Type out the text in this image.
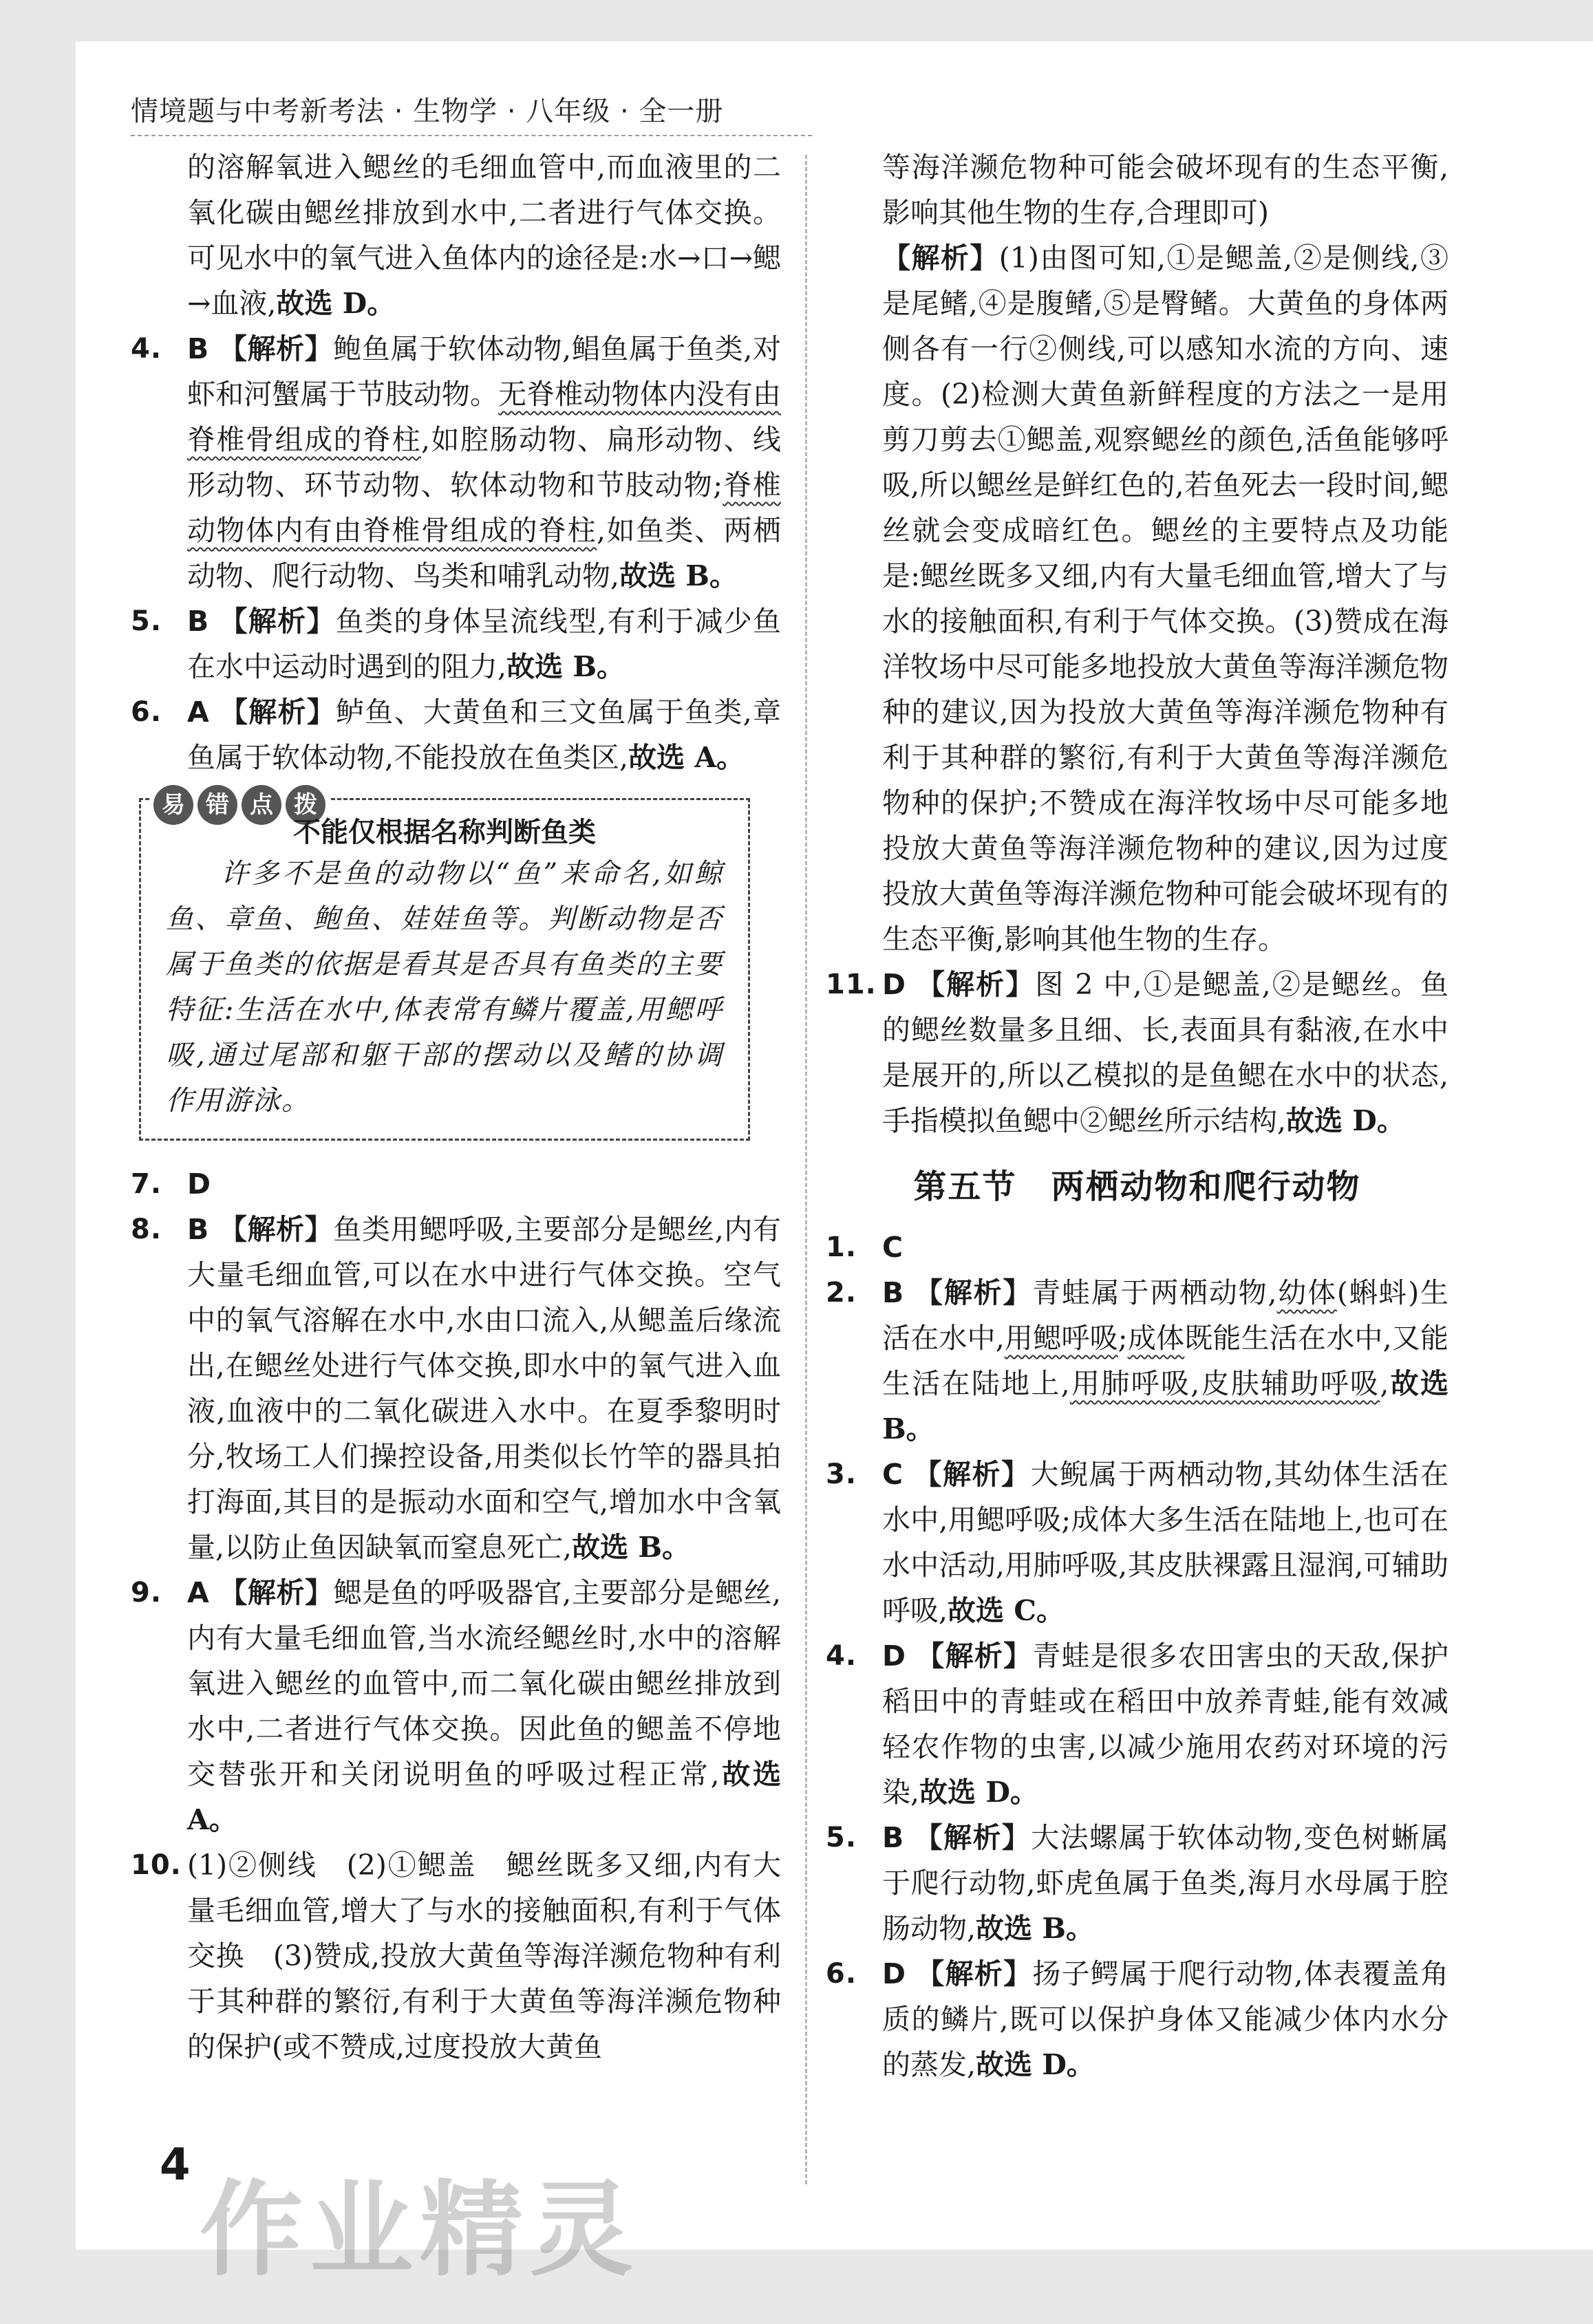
情境题与中考新考法 · 生物学 · 八年级 · 全一册

的溶解氧进入鳃丝的毛细血管中,而血液里的二氧化碳由鳃丝排放到水中,二者进行气体交换。可见水中的氧气进入鱼体内的途径是:水→口→鳃→血液,故选 D。

4. B 【解析】鲍鱼属于软体动物,鲳鱼属于鱼类,对虾和河蟹属于节肢动物。无脊椎动物体内没有由脊椎骨组成的脊柱,如腔肠动物、扁形动物、线形动物、环节动物、软体动物和节肢动物;脊椎动物体内有由脊椎骨组成的脊柱,如鱼类、两栖动物、爬行动物、鸟类和哺乳动物,故选 B。
5. B 【解析】鱼类的身体呈流线型,有利于减少鱼在水中运动时遇到的阻力,故选 B。
6. A 【解析】鲈鱼、大黄鱼和三文鱼属于鱼类,章鱼属于软体动物,不能投放在鱼类区,故选 A。
易 错 点 拨
不能仅根据名称判断鱼类

许多不是鱼的动物以“鱼”来命名,如鲸鱼、章鱼、鲍鱼、娃娃鱼等。判断动物是否属于鱼类的依据是看其是否具有鱼类的主要特征:生活在水中,体表常有鳞片覆盖,用鳃呼吸,通过尾部和躯干部的摆动以及鳍的协调作用游泳。

7. D
8. B 【解析】鱼类用鳃呼吸,主要部分是鳃丝,内有大量毛细血管,可以在水中进行气体交换。空气中的氧气溶解在水中,水由口流入,从鳃盖后缘流出,在鳃丝处进行气体交换,即水中的氧气进入血液,血液中的二氧化碳进入水中。在夏季黎明时分,牧场工人们操控设备,用类似长竹竿的器具拍打海面,其目的是振动水面和空气,增加水中含氧量,以防止鱼因缺氧而窒息死亡,故选 B。
9. A 【解析】鳃是鱼的呼吸器官,主要部分是鳃丝,内有大量毛细血管,当水流经鳃丝时,水中的溶解氧进入鳃丝的血管中,而二氧化碳由鳃丝排放到水中,二者进行气体交换。因此鱼的鳃盖不停地交替张开和关闭说明鱼的呼吸过程正常,故选 A。
10. (1)②侧线　(2)①鳃盖　鳃丝既多又细,内有大量毛细血管,增大了与水的接触面积,有利于气体交换　(3)赞成,投放大黄鱼等海洋濒危物种有利于其种群的繁衍,有利于大黄鱼等海洋濒危物种的保护(或不赞成,过度投放大黄鱼

等海洋濒危物种可能会破坏现有的生态平衡,影响其他生物的生存,合理即可)

【解析】(1)由图可知,①是鳃盖,②是侧线,③是尾鳍,④是腹鳍,⑤是臀鳍。大黄鱼的身体两侧各有一行②侧线,可以感知水流的方向、速度。(2)检测大黄鱼新鲜程度的方法之一是用剪刀剪去①鳃盖,观察鳃丝的颜色,活鱼能够呼吸,所以鳃丝是鲜红色的,若鱼死去一段时间,鳃丝就会变成暗红色。鳃丝的主要特点及功能是:鳃丝既多又细,内有大量毛细血管,增大了与水的接触面积,有利于气体交换。(3)赞成在海洋牧场中尽可能多地投放大黄鱼等海洋濒危物种的建议,因为投放大黄鱼等海洋濒危物种有利于其种群的繁衍,有利于大黄鱼等海洋濒危物种的保护;不赞成在海洋牧场中尽可能多地投放大黄鱼等海洋濒危物种的建议,因为过度投放大黄鱼等海洋濒危物种可能会破坏现有的生态平衡,影响其他生物的生存。

11. D 【解析】图 2 中,①是鳃盖,②是鳃丝。鱼的鳃丝数量多且细、长,表面具有黏液,在水中是展开的,所以乙模拟的是鱼鳃在水中的状态,手指模拟鱼鳃中②鳃丝所示结构,故选 D。
第五节　两栖动物和爬行动物
1. C
2. B 【解析】青蛙属于两栖动物,幼体(蝌蚪)生活在水中,用鳃呼吸;成体既能生活在水中,又能生活在陆地上,用肺呼吸,皮肤辅助呼吸,故选 B。
3. C 【解析】大鲵属于两栖动物,其幼体生活在水中,用鳃呼吸;成体大多生活在陆地上,也可在水中活动,用肺呼吸,其皮肤裸露且湿润,可辅助呼吸,故选 C。
4. D 【解析】青蛙是很多农田害虫的天敌,保护稻田中的青蛙或在稻田中放养青蛙,能有效减轻农作物的虫害,以减少施用农药对环境的污染,故选 D。
5. B 【解析】大法螺属于软体动物,变色树蜥属于爬行动物,虾虎鱼属于鱼类,海月水母属于腔肠动物,故选 B。
6. D 【解析】扬子鳄属于爬行动物,体表覆盖角质的鳞片,既可以保护身体又能减少体内水分的蒸发,故选 D。
4
作业精灵
